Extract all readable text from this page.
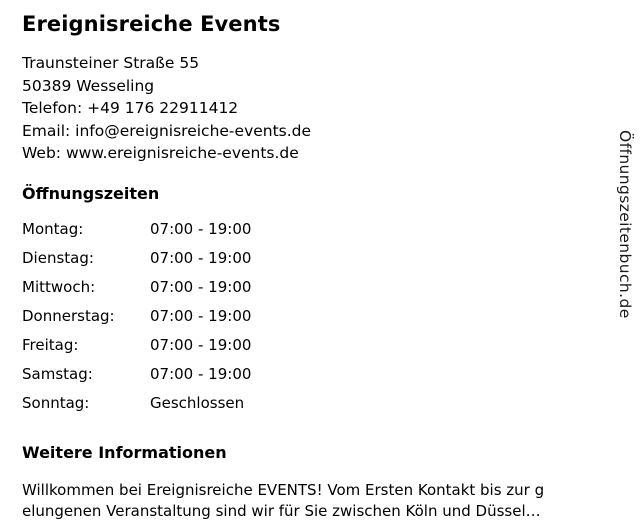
Ereignisreiche Events
Traunsteiner Straße 55
50389 Wesseling
Telefon: +49 176 22911412
Email: info@ereignisreiche-events.de
Web: www.ereignisreiche-events.de
Öffnungszeiten
Montag:	07:00 - 19:00
Dienstag:	07:00 - 19:00
Mittwoch:	07:00 - 19:00
Donnerstag:	07:00 - 19:00
Freitag:	07:00 - 19:00
Samstag:	07:00 - 19:00
Sonntag:	Geschlossen
Weitere Informationen
Willkommen bei Ereignisreiche EVENTS! Vom Ersten Kontakt bis zur g
elungenen Veranstaltung sind wir für Sie zwischen Köln und Düssel…
Öffnungszeitenbuch.de
